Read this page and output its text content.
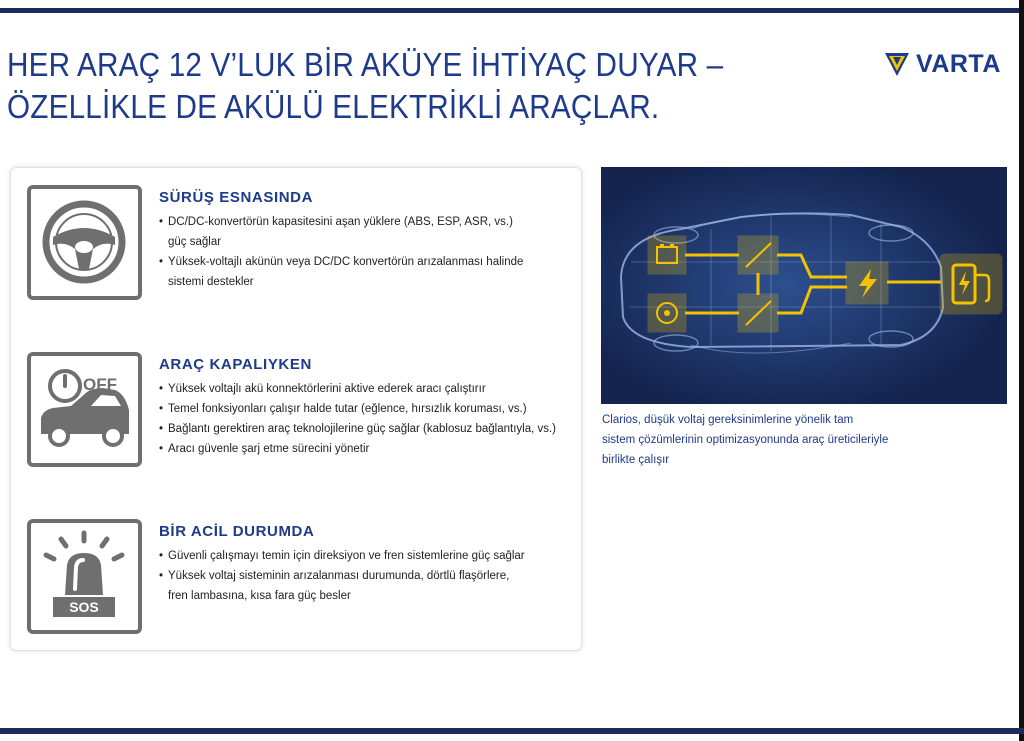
HER ARAÇ 12 V’LUK BİR AKÜYE İHTİYAÇ DUYAR –
ÖZELLİKLE DE AKÜLÜ ELEKTRİKLİ ARAÇLAR.
VARTA
SÜRÜŞ ESNASINDA
• DC/DC-konvertörün kapasitesini aşan yüklere (ABS, ESP, ASR, vs.)
güç sağlar
• Yüksek-voltajlı akünün veya DC/DC konvertörün arızalanması halinde
sistemi destekler
OFF
ARAÇ KAPALIYKEN
• Yüksek voltajlı akü konnektörlerini aktive ederek aracı çalıştırır
• Temel fonksiyonları çalışır halde tutar (eğlence, hırsızlık koruması, vs.)
• Bağlantı gerektiren araç teknolojilerine güç sağlar (kablosuz bağlantıyla, vs.)
• Aracı güvenle şarj etme sürecini yönetir
SOS
BİR ACİL DURUMDA
• Güvenli çalışmayı temin için direksiyon ve fren sistemlerine güç sağlar
• Yüksek voltaj sisteminin arızalanması durumunda, dörtlü flaşörlere,
fren lambasına, kısa fara güç besler
Clarios, düşük voltaj gereksinimlerine yönelik tam
sistem çözümlerinin optimizasyonunda araç üreticileriyle
birlikte çalışır
